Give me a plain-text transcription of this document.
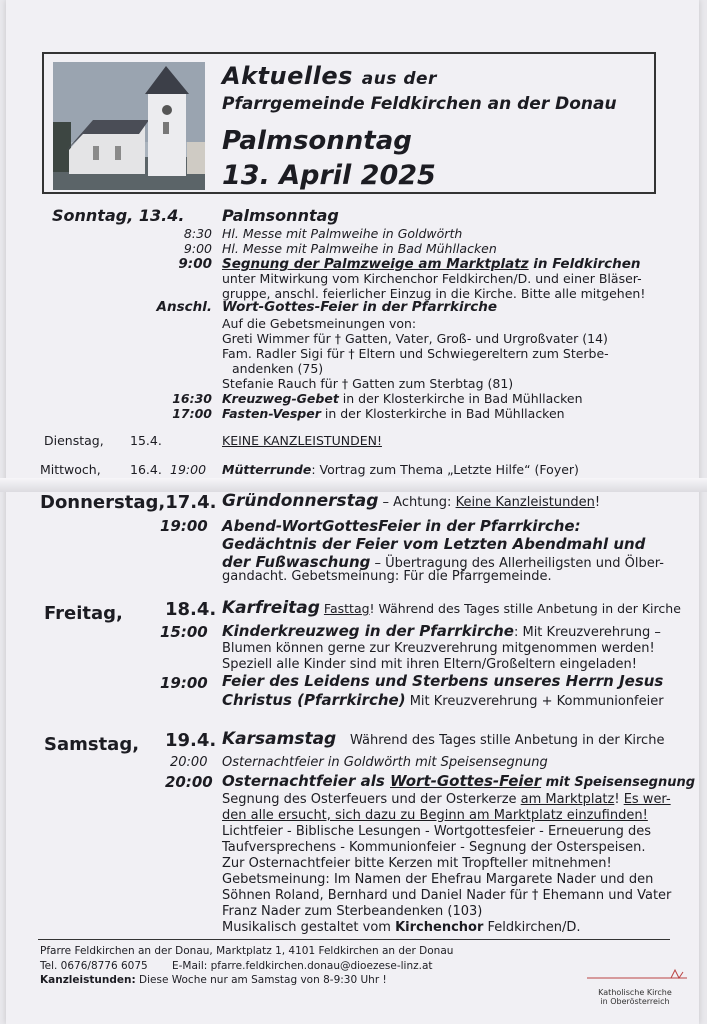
Aktuelles aus der
Pfarrgemeinde Feldkirchen an der Donau
Palmsonntag
13. April 2025
Sonntag, 13.4. Palmsonntag
8:30 Hl. Messe mit Palmweihe in Goldwörth
9:00 Hl. Messe mit Palmweihe in Bad Mühllacken
9:00 Segnung der Palmzweige am Marktplatz in Feldkirchen
unter Mitwirkung vom Kirchenchor Feldkirchen/D. und einer Bläser-
gruppe, anschl. feierlicher Einzug in die Kirche. Bitte alle mitgehen!
Anschl. Wort-Gottes-Feier in der Pfarrkirche
Auf die Gebetsmeinungen von:
Greti Wimmer für † Gatten, Vater, Groß- und Urgroßvater (14)
Fam. Radler Sigi für † Eltern und Schwiegereltern zum Sterbe-
andenken (75)
Stefanie Rauch für † Gatten zum Sterbtag (81)
16:30 Kreuzweg-Gebet in der Klosterkirche in Bad Mühllacken
17:00 Fasten-Vesper in der Klosterkirche in Bad Mühllacken
Dienstag, 15.4.	KEINE KANZLEISTUNDEN!
Mittwoch, 16.4. 19:00 Mütterrunde: Vortrag zum Thema „Letzte Hilfe“ (Foyer)
Donnerstag,17.4. Gründonnerstag – Achtung: Keine Kanzleistunden!
19:00 Abend-WortGottesFeier in der Pfarrkirche:
Gedächtnis der Feier vom Letzten Abendmahl und
der Fußwaschung – Übertragung des Allerheiligsten und Ölber-
gandacht. Gebetsmeinung: Für die Pfarrgemeinde.
Freitag, 18.4. Karfreitag Fasttag! Während des Tages stille Anbetung in der Kirche
15:00 Kinderkreuzweg in der Pfarrkirche: Mit Kreuzverehrung –
Blumen können gerne zur Kreuzverehrung mitgenommen werden!
Speziell alle Kinder sind mit ihren Eltern/Großeltern eingeladen!
19:00 Feier des Leidens und Sterbens unseres Herrn Jesus
Christus (Pfarrkirche) Mit Kreuzverehrung + Kommunionfeier
Samstag, 19.4. Karsamstag Während des Tages stille Anbetung in der Kirche
20:00 Osternachtfeier in Goldwörth mit Speisensegnung
20:00 Osternachtfeier als Wort-Gottes-Feier mit Speisensegnung
Segnung des Osterfeuers und der Osterkerze am Marktplatz! Es wer-
den alle ersucht, sich dazu zu Beginn am Marktplatz einzufinden!
Lichtfeier - Biblische Lesungen - Wortgottesfeier - Erneuerung des
Taufversprechens - Kommunionfeier - Segnung der Osterspeisen.
Zur Osternachtfeier bitte Kerzen mit Tropfteller mitnehmen!
Gebetsmeinung: Im Namen der Ehefrau Margarete Nader und den
Söhnen Roland, Bernhard und Daniel Nader für † Ehemann und Vater
Franz Nader zum Sterbeandenken (103)
Musikalisch gestaltet vom Kirchenchor Feldkirchen/D.
Pfarre Feldkirchen an der Donau, Marktplatz 1, 4101 Feldkirchen an der Donau
Tel. 0676/8776 6075 E-Mail: pfarre.feldkirchen.donau@dioezese-linz.at
Kanzleistunden: Diese Woche nur am Samstag von 8-9:30 Uhr !
Katholische Kirche
in Oberösterreich
